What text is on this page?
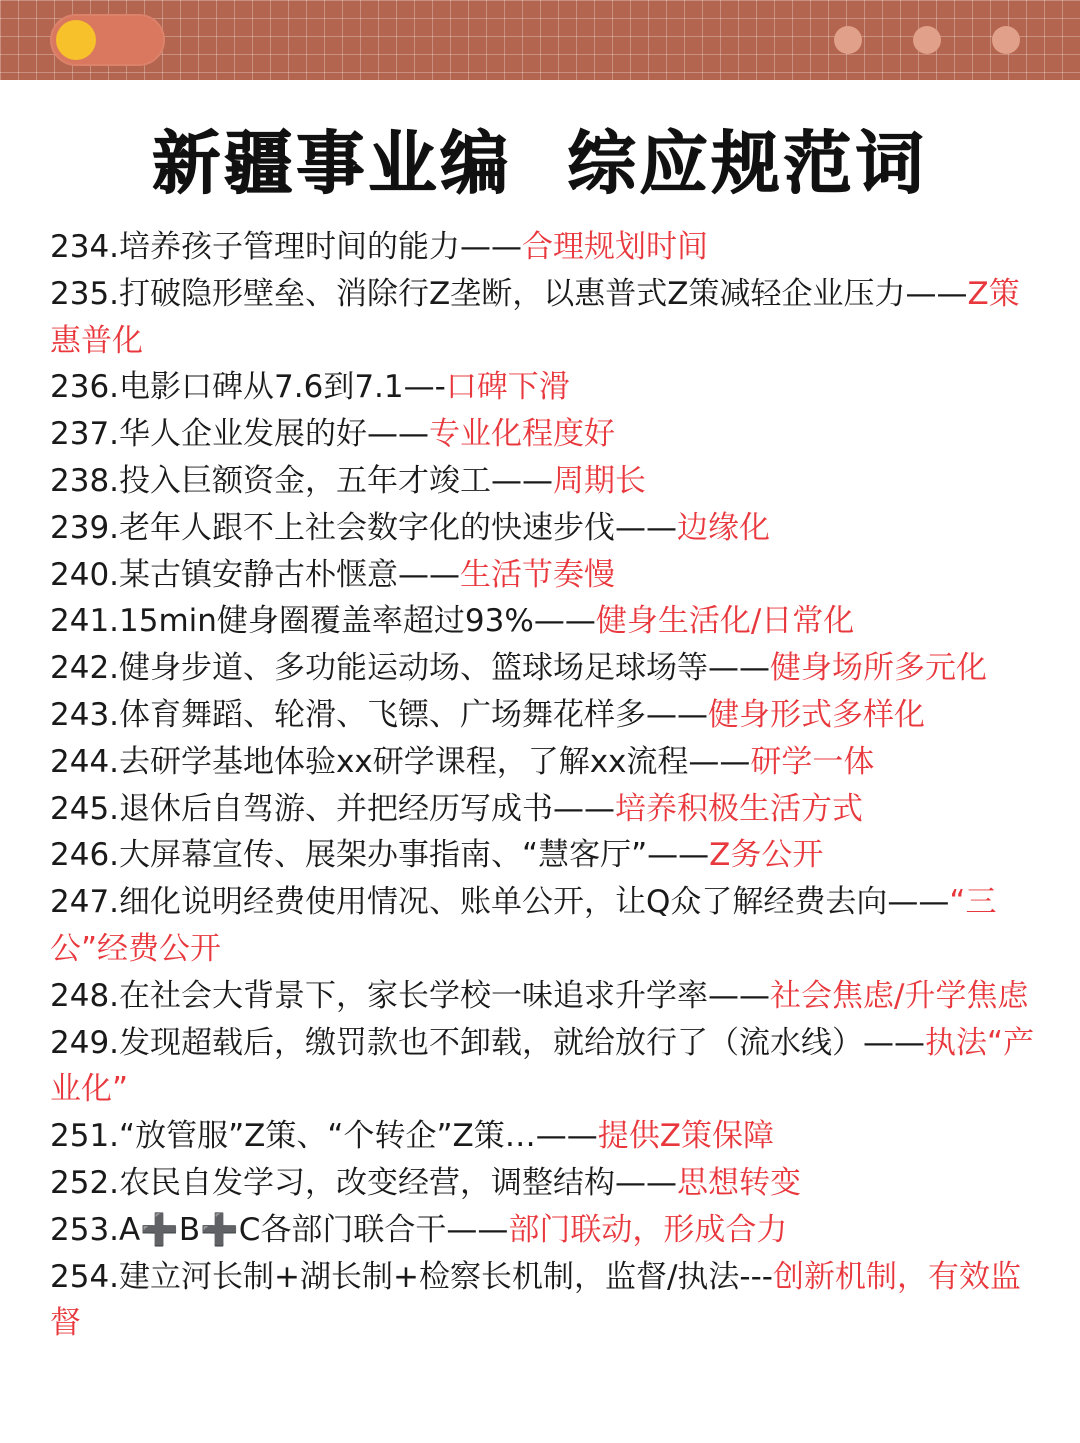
新疆事业编  综应规范词

234.培养孩子管理时间的能力——合理规划时间

235.打破隐形壁垒、消除行Z垄断，以惠普式Z策减轻企业压力——Z策惠普化

236.电影口碑从7.6到7.1—-口碑下滑

237.华人企业发展的好——专业化程度好

238.投入巨额资金，五年才竣工——周期长

239.老年人跟不上社会数字化的快速步伐——边缘化

240.某古镇安静古朴惬意——生活节奏慢

241.15min健身圈覆盖率超过93%——健身生活化/日常化

242.健身步道、多功能运动场、篮球场足球场等——健身场所多元化

243.体育舞蹈、轮滑、飞镖、广场舞花样多——健身形式多样化

244.去研学基地体验xx研学课程，了解xx流程——研学一体

245.退休后自驾游、并把经历写成书——培养积极生活方式

246.大屏幕宣传、展架办事指南、“慧客厅”——Z务公开

247.细化说明经费使用情况、账单公开，让Q众了解经费去向——“三公”经费公开

248.在社会大背景下，家长学校一味追求升学率——社会焦虑/升学焦虑

249.发现超载后，缴罚款也不卸载，就给放行了（流水线）——执法“产业化”

251.“放管服”Z策、“个转企”Z策…——提供Z策保障

252.农民自发学习，改变经营，调整结构——思想转变

253.A➕B➕C各部门联合干——部门联动，形成合力

254.建立河长制+湖长制+检察长机制，监督/执法---创新机制，有效监督
